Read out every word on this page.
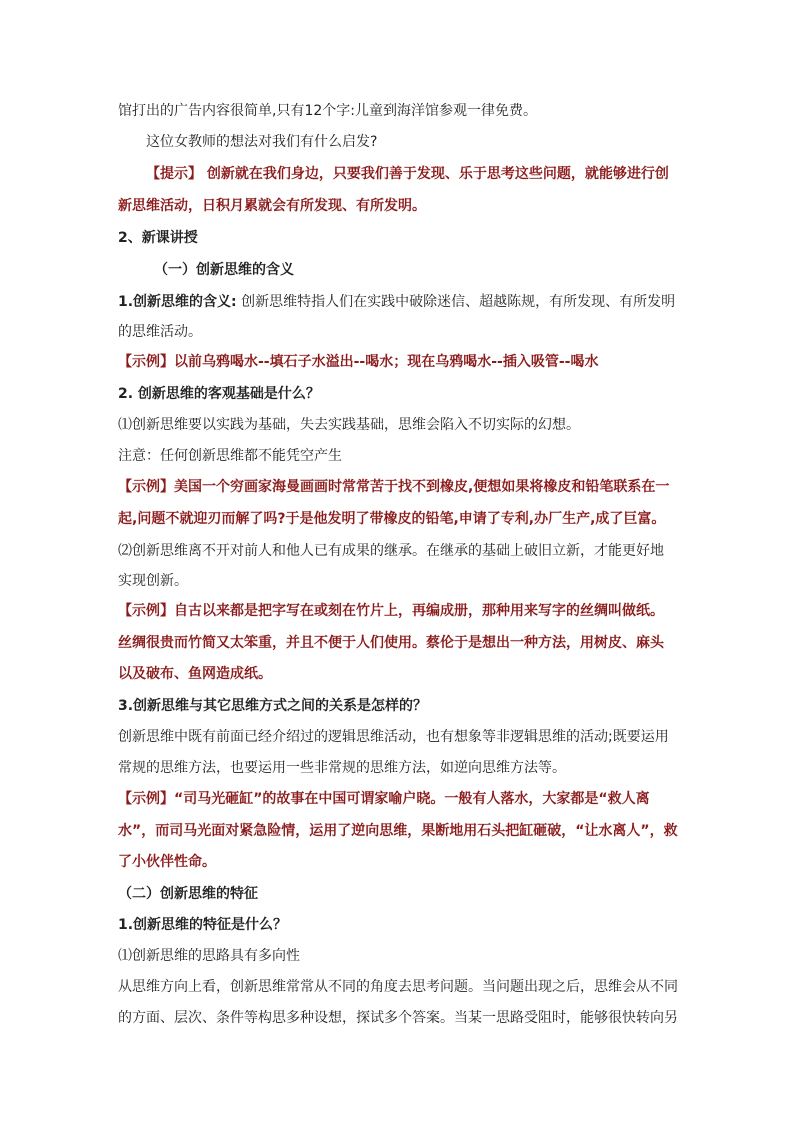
馆打出的广告内容很简单,只有12个字:儿童到海洋馆参观一律免费。
这位女教师的想法对我们有什么启发?
【提示】 创新就在我们身边，只要我们善于发现、乐于思考这些问题，就能够进行创
新思维活动，日积月累就会有所发现、有所发明。
2、新课讲授
（一）创新思维的含义
1.创新思维的含义: 创新思维特指人们在实践中破除迷信、超越陈规，有所发现、有所发明
的思维活动。
【示例】以前乌鸦喝水--填石子水溢出--喝水；现在乌鸦喝水--插入吸管--喝水
2. 创新思维的客观基础是什么？
⑴创新思维要以实践为基础，失去实践基础，思维会陷入不切实际的幻想。
注意：任何创新思维都不能凭空产生
【示例】美国一个穷画家海曼画画时常常苦于找不到橡皮,便想如果将橡皮和铅笔联系在一
起,问题不就迎刃而解了吗?于是他发明了带橡皮的铅笔,申请了专利,办厂生产,成了巨富。
⑵创新思维离不开对前人和他人已有成果的继承。在继承的基础上破旧立新，才能更好地
实现创新。
【示例】自古以来都是把字写在或刻在竹片上，再编成册，那种用来写字的丝绸叫做纸。
丝绸很贵而竹简又太笨重，并且不便于人们使用。蔡伦于是想出一种方法，用树皮、麻头
以及破布、鱼网造成纸。
3.创新思维与其它思维方式之间的关系是怎样的？
创新思维中既有前面已经介绍过的逻辑思维活动，也有想象等非逻辑思维的活动;既要运用
常规的思维方法，也要运用一些非常规的思维方法，如逆向思维方法等。
【示例】“司马光砸缸”的故事在中国可谓家喻户晓。一般有人落水，大家都是“救人离
水”，而司马光面对紧急险情，运用了逆向思维，果断地用石头把缸砸破，“让水离人”，救
了小伙伴性命。
（二）创新思维的特征
1.创新思维的特征是什么？
⑴创新思维的思路具有多向性
从思维方向上看，创新思维常常从不同的角度去思考问题。当问题出现之后，思维会从不同
的方面、层次、条件等构思多种设想，探试多个答案。当某一思路受阻时，能够很快转向另
